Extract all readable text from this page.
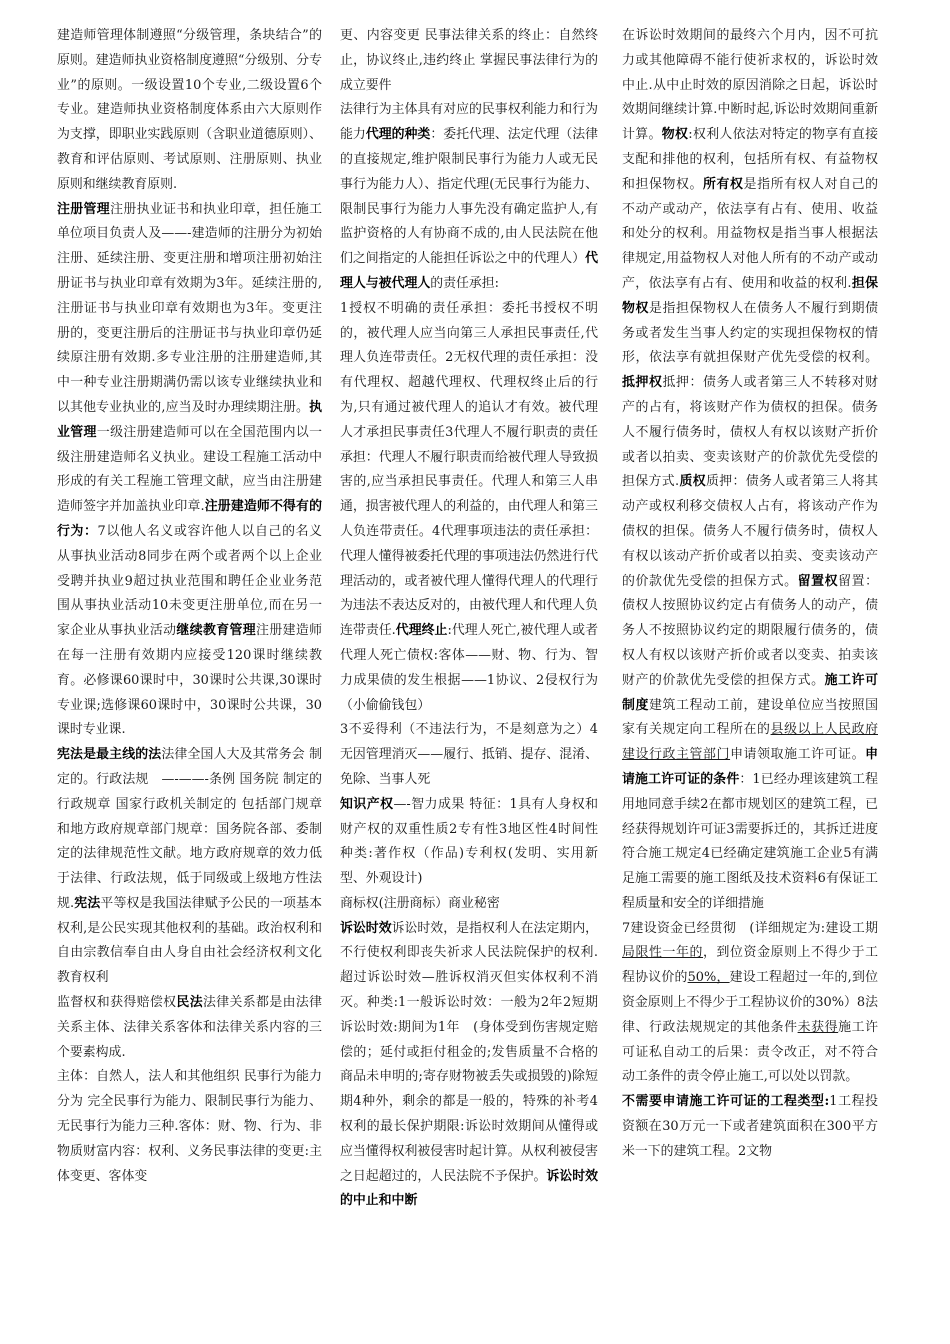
建造师管理体制遵照“分级管理，条块结合”的原则。建造师执业资格制度遵照“分级别、分专业”的原则。一级设置10个专业,二级设置6个专业。建造师执业资格制度体系由六大原则作为支撑，即职业实践原则（含职业道德原则）、教育和评估原则、考试原则、注册原则、执业原则和继续教育原则.

注册管理注册执业证书和执业印章，担任施工单位项目负责人及——-建造师的注册分为初始注册、延续注册、变更注册和增项注册初始注册证书与执业印章有效期为3年。延续注册的,注册证书与执业印章有效期也为3年。变更注册的，变更注册后的注册证书与执业印章仍延续原注册有效期.多专业注册的注册建造师,其中一种专业注册期满仍需以该专业继续执业和以其他专业执业的,应当及时办理续期注册。执业管理一级注册建造师可以在全国范围内以一级注册建造师名义执业。建设工程施工活动中形成的有关工程施工管理文献，应当由注册建造师签字并加盖执业印章.注册建造师不得有的行为：7以他人名义或容许他人以自己的名义从事执业活动8同步在两个或者两个以上企业受聘并执业9超过执业范围和聘任企业业务范围从事执业活动10未变更注册单位,而在另一家企业从事执业活动继续教育管理注册建造师在每一注册有效期内应接受120课时继续教育。必修课60课时中，30课时公共课,30课时专业课;选修课60课时中，30课时公共课，30课时专业课.

宪法是最主线的法法律全国人大及其常务会 制定的。行政法规　—-——-条例 国务院 制定的行政规章 国家行政机关制定的 包括部门规章和地方政府规章部门规章：国务院各部、委制定的法律规范性文献。地方政府规章的效力低于法律、行政法规，低于同级或上级地方性法规.宪法平等权是我国法律赋予公民的一项基本权利,是公民实现其他权利的基础。政治权利和自由宗教信奉自由人身自由社会经济权利文化教育权利

监督权和获得赔偿权民法法律关系都是由法律关系主体、法律关系客体和法律关系内容的三个要素构成.

主体：自然人，法人和其他组织 民事行为能力分为 完全民事行为能力、限制民事行为能力、无民事行为能力三种.客体：财、物、行为、非物质财富内容：权利、义务民事法律的变更:主体变更、客体变

更、内容变更 民事法律关系的终止：自然终止，协议终止,违约终止 掌握民事法律行为的成立要件

法律行为主体具有对应的民事权利能力和行为能力代理的种类：委托代理、法定代理（法律的直接规定,维护限制民事行为能力人或无民事行为能力人）、指定代理(无民事行为能力、限制民事行为能力人事先没有确定监护人,有监护资格的人有协商不成的,由人民法院在他们之间指定的人能担任诉讼之中的代理人）代理人与被代理人的责任承担:

1授权不明确的责任承担：委托书授权不明的，被代理人应当向第三人承担民事责任,代理人负连带责任。2无权代理的责任承担：没有代理权、超越代理权、代理权终止后的行为,只有通过被代理人的追认才有效。被代理人才承担民事责任3代理人不履行职责的责任承担：代理人不履行职责而给被代理人导致损害的,应当承担民事责任。代理人和第三人串通，损害被代理人的利益的，由代理人和第三人负连带责任。4代理事项违法的责任承担：代理人懂得被委托代理的事项违法仍然进行代理活动的，或者被代理人懂得代理人的代理行为违法不表达反对的，由被代理人和代理人负连带责任.代理终止:代理人死亡,被代理人或者代理人死亡债权:客体——财、物、行为、智力成果债的发生根据——1协议、2侵权行为（小偷偷钱包）

3不妥得利（不违法行为，不是刻意为之）4无因管理消灭——履行、抵销、提存、混淆、免除、当事人死

知识产权—-智力成果 特征：1具有人身权和财产权的双重性质2专有性3地区性4时间性 种类:著作权（作品)专利权(发明、实用新型、外观设计)

商标权(注册商标）商业秘密

诉讼时效诉讼时效，是指权利人在法定期内，不行使权利即丧失祈求人民法院保护的权利.超过诉讼时效—胜诉权消灭但实体权利不消灭。种类:1一般诉讼时效：一般为2年2短期诉讼时效:期间为1年　(身体受到伤害规定赔偿的；延付或拒付租金的;发售质量不合格的商品未申明的;寄存财物被丢失或损毁的)除短期4种外，剩余的都是一般的，特殊的补考4权利的最长保护期限:诉讼时效期间从懂得或应当懂得权利被侵害时起计算。从权利被侵害之日起超过的，人民法院不予保护。诉讼时效的中止和中断

在诉讼时效期间的最终六个月内，因不可抗力或其他障碍不能行使祈求权的，诉讼时效中止.从中止时效的原因消除之日起，诉讼时效期间继续计算.中断时起,诉讼时效期间重新计算。物权:权利人依法对特定的物享有直接支配和排他的权利，包括所有权、有益物权和担保物权。所有权是指所有权人对自己的不动产或动产，依法享有占有、使用、收益和处分的权利。用益物权是指当事人根据法律规定,用益物权人对他人所有的不动产或动产，依法享有占有、使用和收益的权利.担保物权是指担保物权人在债务人不履行到期债务或者发生当事人约定的实现担保物权的情形，依法享有就担保财产优先受偿的权利。抵押权抵押：债务人或者第三人不转移对财产的占有，将该财产作为债权的担保。债务人不履行债务时，债权人有权以该财产折价或者以拍卖、变卖该财产的价款优先受偿的担保方式.质权质押：债务人或者第三人将其动产或权利移交债权人占有，将该动产作为债权的担保。债务人不履行债务时，债权人有权以该动产折价或者以拍卖、变卖该动产的价款优先受偿的担保方式。留置权留置：债权人按照协议约定占有债务人的动产，债务人不按照协议约定的期限履行债务的，债权人有权以该财产折价或者以变卖、拍卖该财产的价款优先受偿的担保方式。施工许可制度建筑工程动工前，建设单位应当按照国家有关规定向工程所在的县级以上人民政府建设行政主管部门申请领取施工许可证。申请施工许可证的条件：1已经办理该建筑工程用地同意手续2在都市规划区的建筑工程，已经获得规划许可证3需要拆迁的，其拆迁进度符合施工规定4已经确定建筑施工企业5有满足施工需要的施工图纸及技术资料6有保证工程质量和安全的详细措施

7建设资金已经贯彻　(详细规定为:建设工期局限性一年的，到位资金原则上不得少于工程协议价的50%，建设工程超过一年的,到位资金原则上不得少于工程协议价的30%）8法律、行政法规规定的其他条件未获得施工许可证私自动工的后果：责令改正，对不符合动工条件的责令停止施工,可以处以罚款。

不需要申请施工许可证的工程类型:1工程投资额在30万元一下或者建筑面积在300平方米一下的建筑工程。2文物
